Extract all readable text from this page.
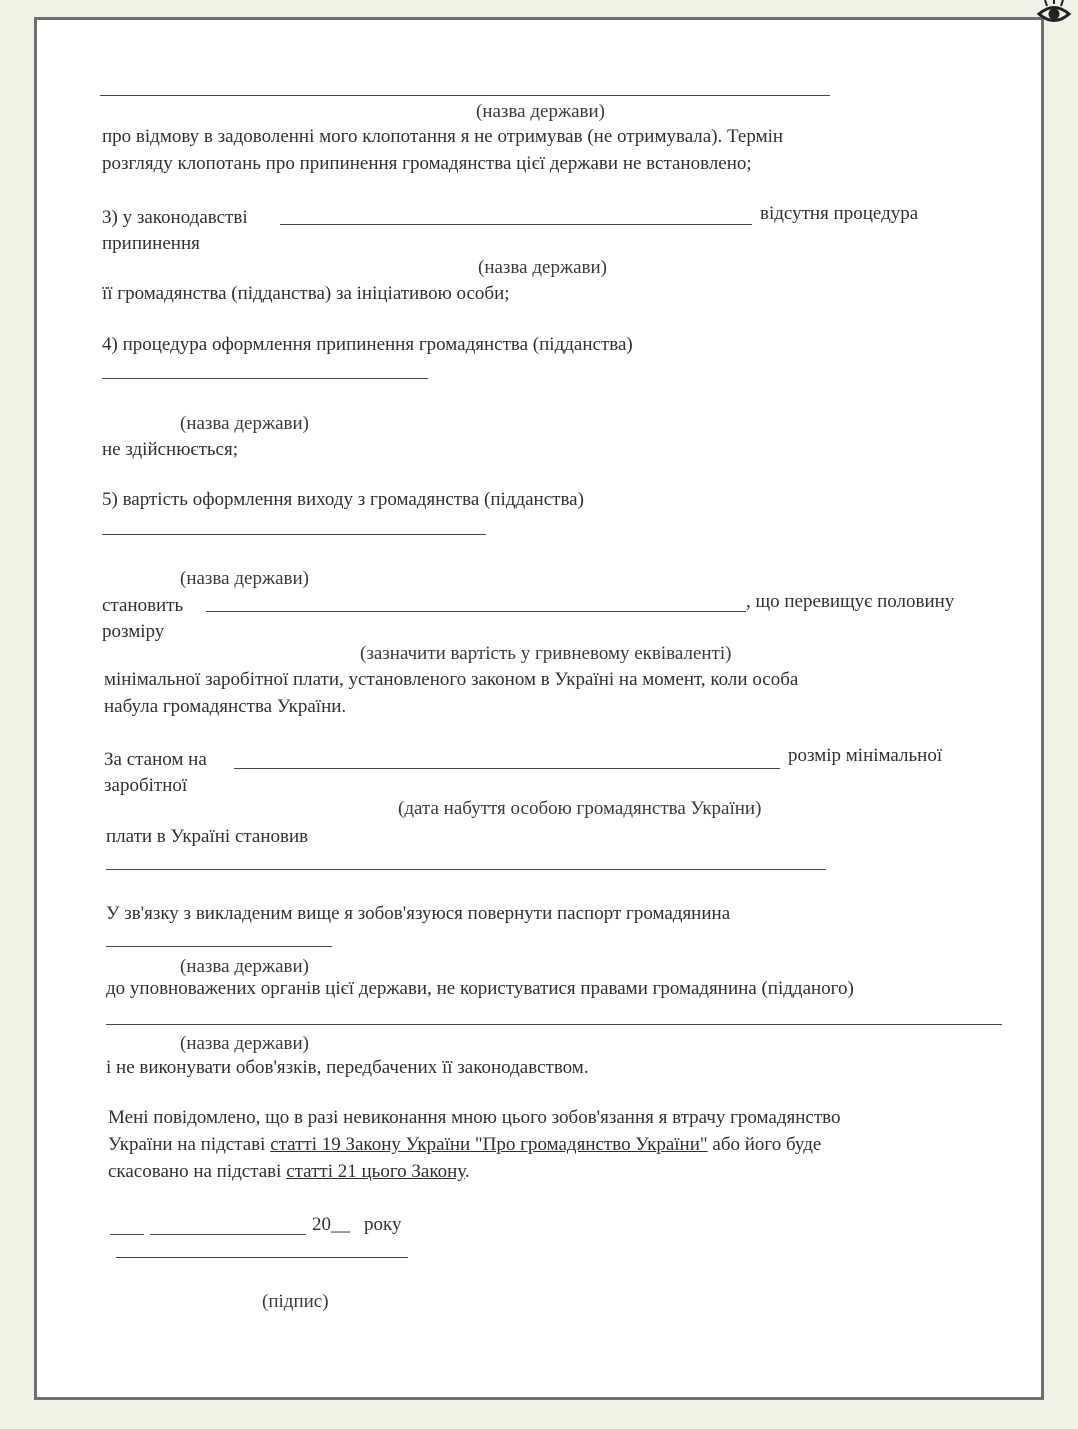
(назва держави)
про відмову в задоволенні мого клопотання я не отримував (не отримувала). Термін
розгляду клопотань про припинення громадянства цієї держави не встановлено;
3) у законодавстві	відсутня процедура
припинення
(назва держави)
її громадянства (підданства) за ініціативою особи;
4) процедура оформлення припинення громадянства (підданства)
(назва держави)
не здійснюється;
5) вартість оформлення виходу з громадянства (підданства)
(назва держави)
становить	, що перевищує половину
розміру
(зазначити вартість у гривневому еквіваленті)
мінімальної заробітної плати, установленого законом в Україні на момент, коли особа
набула громадянства України.
За станом на	розмір мінімальної
заробітної
(дата набуття особою громадянства України)
плати в Україні становив
У зв'язку з викладеним вище я зобов'язуюся повернути паспорт громадянина
(назва держави)
до уповноважених органів цієї держави, не користуватися правами громадянина (підданого)
(назва держави)
і не виконувати обов'язків, передбачених її законодавством.
Мені повідомлено, що в разі невиконання мною цього зобов'язання я втрачу громадянство
України на підставі статті 19 Закону України "Про громадянство України" або його буде
скасовано на підставі статті 21 цього Закону.
20__ року
(підпис)
